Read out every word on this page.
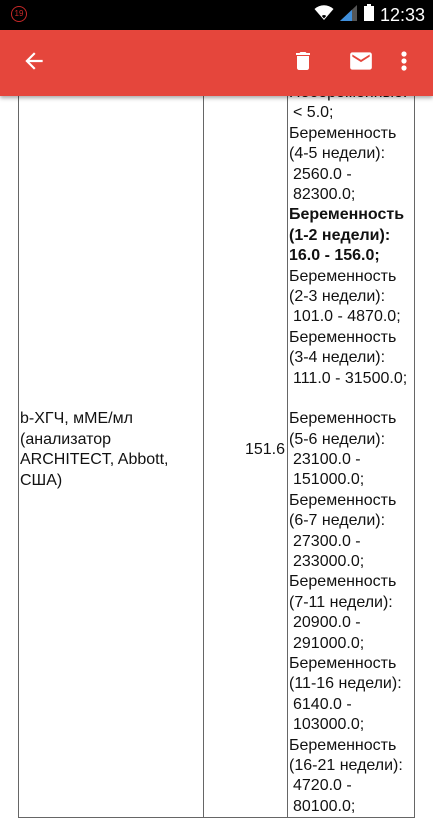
19	12:33
b-ХГЧ, мМЕ/мл (анализатор ARCHITECT, Abbott, США)	151.6	
< 5.0;
Беременность (4-5 недели):
2560.0 - 82300.0;
Беременность (1-2 недели):
16.0 - 156.0;
Беременность (2-3 недели):
101.0 - 4870.0;
Беременность (3-4 недели):
111.0 - 31500.0;
Беременность (5-6 недели):
23100.0 - 151000.0;
Беременность (6-7 недели):
27300.0 - 233000.0;
Беременность (7-11 недели):
20900.0 - 291000.0;
Беременность (11-16 недели):
6140.0 - 103000.0;
Беременность (16-21 недели):
4720.0 - 80100.0;
